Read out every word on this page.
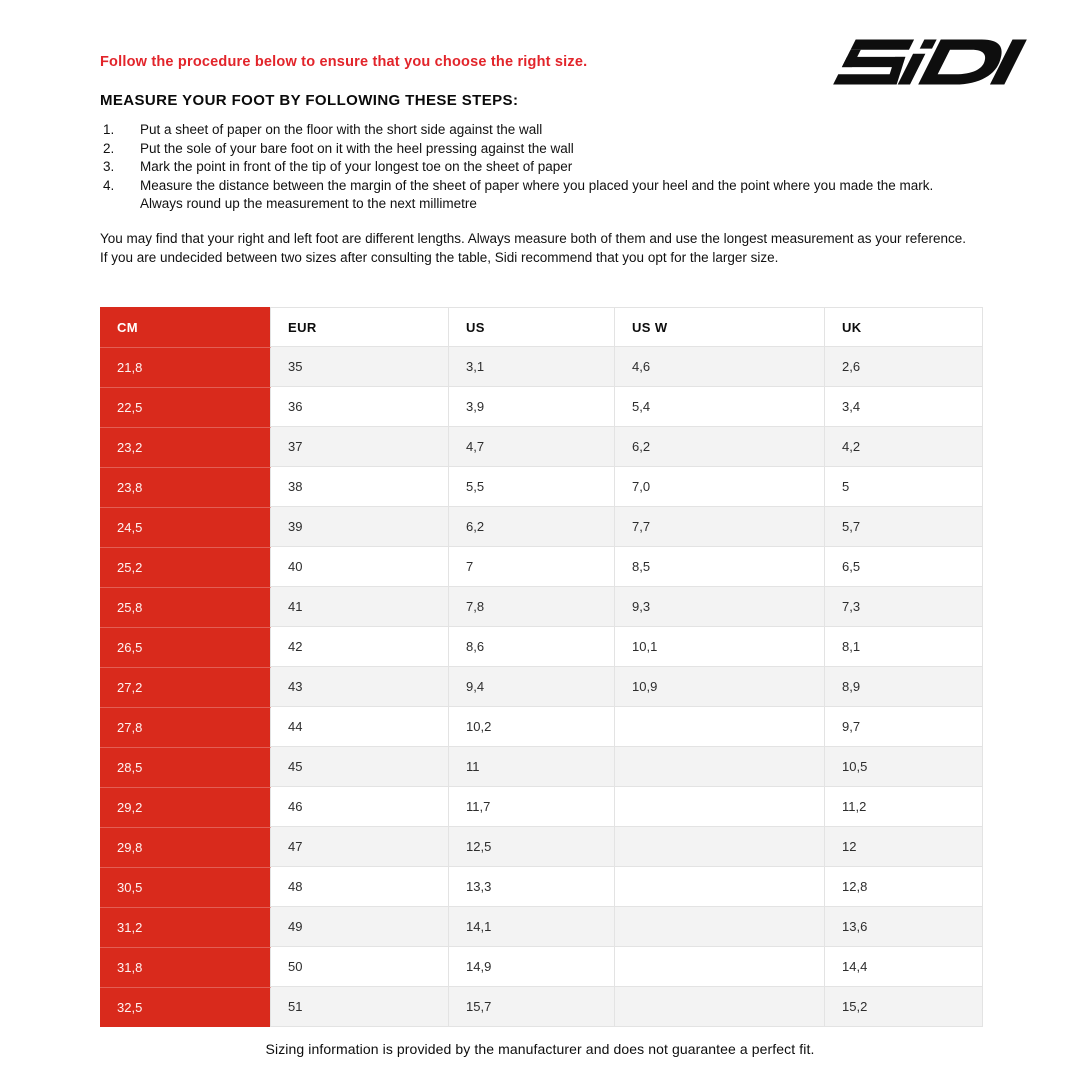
Follow the procedure below to ensure that you choose the right size.

MEASURE YOUR FOOT BY FOLLOWING THESE STEPS:
1.	Put a sheet of paper on the floor with the short side against the wall
2.	Put the sole of your bare foot on it with the heel pressing against the wall
3.	Mark the point in front of the tip of your longest toe on the sheet of paper
4.	Measure the distance between the margin of the sheet of paper where you placed your heel and the point where you made the mark. Always round up the measurement to the next millimetre

You may find that your right and left foot are different lengths. Always measure both of them and use the longest measurement as your reference.

If you are undecided between two sizes after consulting the table, Sidi recommend that you opt for the larger size.

CM	EUR	US	US W	UK
21,8	35	3,1	4,6	2,6
22,5	36	3,9	5,4	3,4
23,2	37	4,7	6,2	4,2
23,8	38	5,5	7,0	5
24,5	39	6,2	7,7	5,7
25,2	40	7	8,5	6,5
25,8	41	7,8	9,3	7,3
26,5	42	8,6	10,1	8,1
27,2	43	9,4	10,9	8,9
27,8	44	10,2		9,7
28,5	45	11		10,5
29,2	46	11,7		11,2
29,8	47	12,5		12
30,5	48	13,3		12,8
31,2	49	14,1		13,6
31,8	50	14,9		14,4
32,5	51	15,7		15,2

Sizing information is provided by the manufacturer and does not guarantee a perfect fit.
